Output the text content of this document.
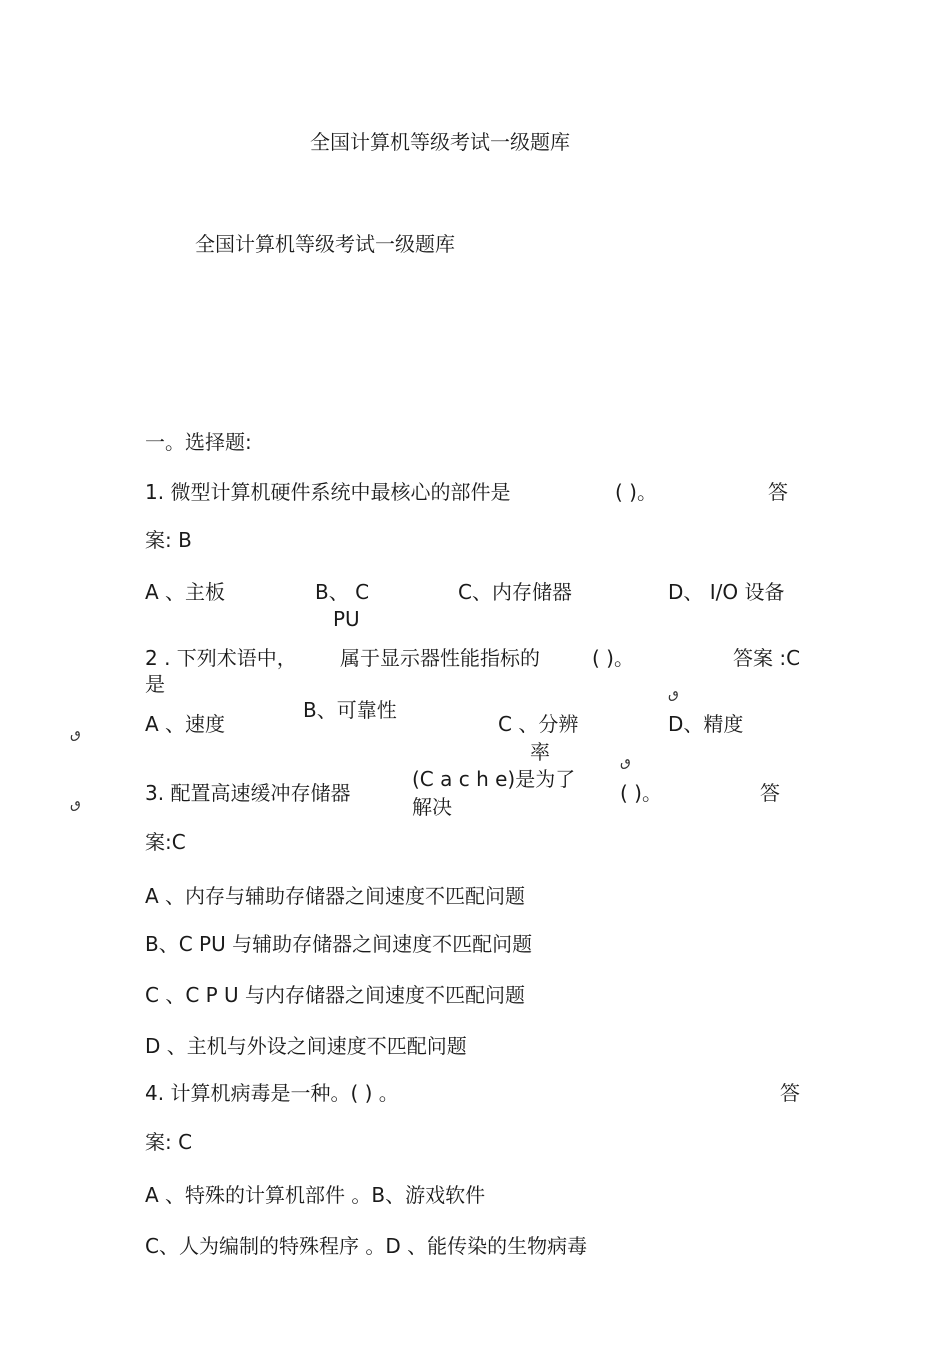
全国计算机等级考试一级题库
全国计算机等级考试一级题库
一。选择题:
1. 微型计算机硬件系统中最核心的部件是	( )。	答
案: B
A 、主板	B、 C
PU
C、内存储器	D、 I/O 设备
2 . 下列术语中， 属于显示器性能指标的
是
( )。	答案 :C
A 、速度
B、可靠性
C 、分辨
率
D、精度
ٯ
ٯ
ٯ
ٯ	3. 配置高速缓冲存储器
(C a c h e)是为了
解决
( )。	答
案:C
A 、内存与辅助存储器之间速度不匹配问题
B、C PU 与辅助存储器之间速度不匹配问题
C 、C P U 与内存储器之间速度不匹配问题
D 、主机与外设之间速度不匹配问题
4. 计算机病毒是一种。( ) 。	答
案: C
A 、特殊的计算机部件 。B、游戏软件
C、人为编制的特殊程序 。D 、能传染的生物病毒
